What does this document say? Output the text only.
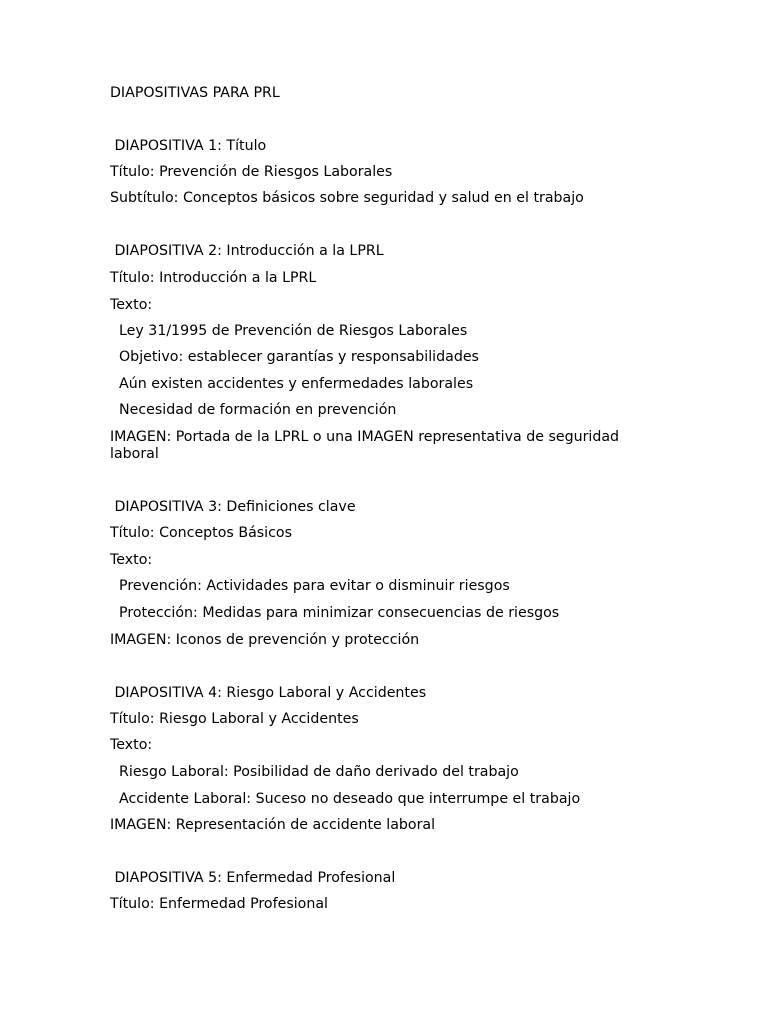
DIAPOSITIVAS PARA PRL

DIAPOSITIVA 1: Título

Título: Prevención de Riesgos Laborales

Subtítulo: Conceptos básicos sobre seguridad y salud en el trabajo

DIAPOSITIVA 2: Introducción a la LPRL

Título: Introducción a la LPRL

Texto:

Ley 31/1995 de Prevención de Riesgos Laborales

Objetivo: establecer garantías y responsabilidades

Aún existen accidentes y enfermedades laborales

Necesidad de formación en prevención

IMAGEN: Portada de la LPRL o una IMAGEN representativa de seguridad laboral

DIAPOSITIVA 3: Definiciones clave

Título: Conceptos Básicos

Texto:

Prevención: Actividades para evitar o disminuir riesgos

Protección: Medidas para minimizar consecuencias de riesgos

IMAGEN: Iconos de prevención y protección

DIAPOSITIVA 4: Riesgo Laboral y Accidentes

Título: Riesgo Laboral y Accidentes

Texto:

Riesgo Laboral: Posibilidad de daño derivado del trabajo

Accidente Laboral: Suceso no deseado que interrumpe el trabajo

IMAGEN: Representación de accidente laboral

DIAPOSITIVA 5: Enfermedad Profesional

Título: Enfermedad Profesional
